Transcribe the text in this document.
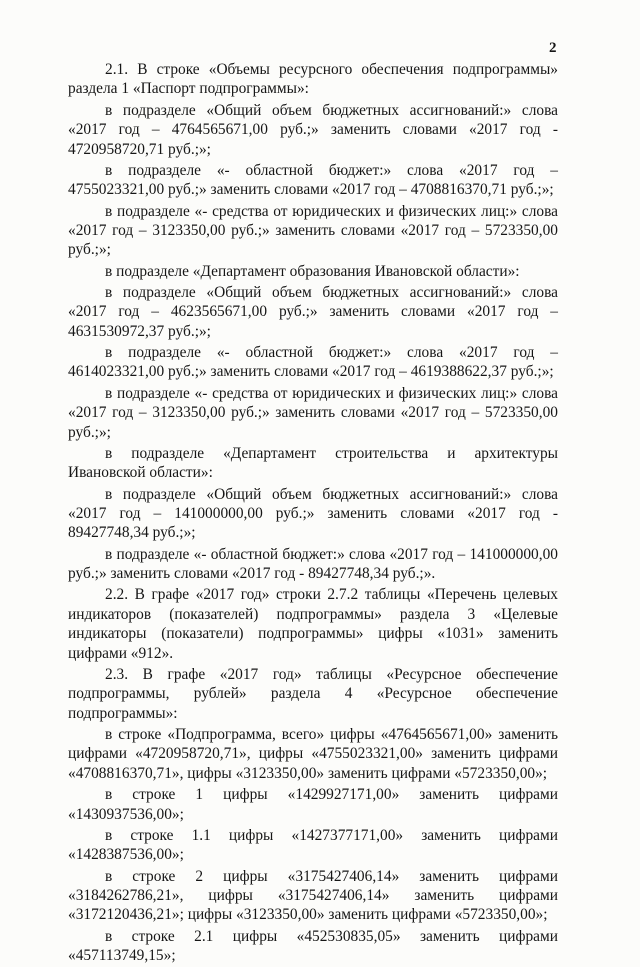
2

2.1. В строке «Объемы ресурсного обеспечения подпрограммы» раздела 1 «Паспорт подпрограммы»:

в подразделе «Общий объем бюджетных ассигнований:» слова «2017 год – 4764565671,00 руб.;» заменить словами «2017 год - 4720958720,71 руб.;»;

в подразделе «- областной бюджет:» слова «2017 год – 4755023321,00 руб.;» заменить словами «2017 год – 4708816370,71 руб.;»;

в подразделе «- средства от юридических и физических лиц:» слова «2017 год – 3123350,00 руб.;» заменить словами «2017 год – 5723350,00 руб.;»;

в подразделе «Департамент образования Ивановской области»:

в подразделе «Общий объем бюджетных ассигнований:» слова «2017 год – 4623565671,00 руб.;» заменить словами «2017 год – 4631530972,37 руб.;»;

в подразделе «- областной бюджет:» слова «2017 год – 4614023321,00 руб.;» заменить словами «2017 год – 4619388622,37 руб.;»;

в подразделе «- средства от юридических и физических лиц:» слова «2017 год – 3123350,00 руб.;» заменить словами «2017 год – 5723350,00 руб.;»;

в подразделе «Департамент строительства и архитектуры Ивановской области»:

в подразделе «Общий объем бюджетных ассигнований:» слова «2017 год – 141000000,00 руб.;» заменить словами «2017 год - 89427748,34 руб.;»;

в подразделе «- областной бюджет:» слова «2017 год – 141000000,00 руб.;» заменить словами «2017 год - 89427748,34 руб.;».

2.2. В графе «2017 год» строки 2.7.2 таблицы «Перечень целевых индикаторов (показателей) подпрограммы» раздела 3 «Целевые индикаторы (показатели) подпрограммы» цифры «1031» заменить цифрами «912».

2.3. В графе «2017 год» таблицы «Ресурсное обеспечение подпрограммы, рублей» раздела 4 «Ресурсное обеспечение подпрограммы»:

в строке «Подпрограмма, всего» цифры «4764565671,00» заменить цифрами «4720958720,71», цифры «4755023321,00» заменить цифрами «4708816370,71», цифры «3123350,00» заменить цифрами «5723350,00»;

в строке 1 цифры «1429927171,00» заменить цифрами «1430937536,00»;

в строке 1.1 цифры «1427377171,00» заменить цифрами «1428387536,00»;

в строке 2 цифры «3175427406,14» заменить цифрами «3184262786,21», цифры «3175427406,14» заменить цифрами «3172120436,21»; цифры «3123350,00» заменить цифрами «5723350,00»;

в строке 2.1 цифры «452530835,05» заменить цифрами «457113749,15»;
